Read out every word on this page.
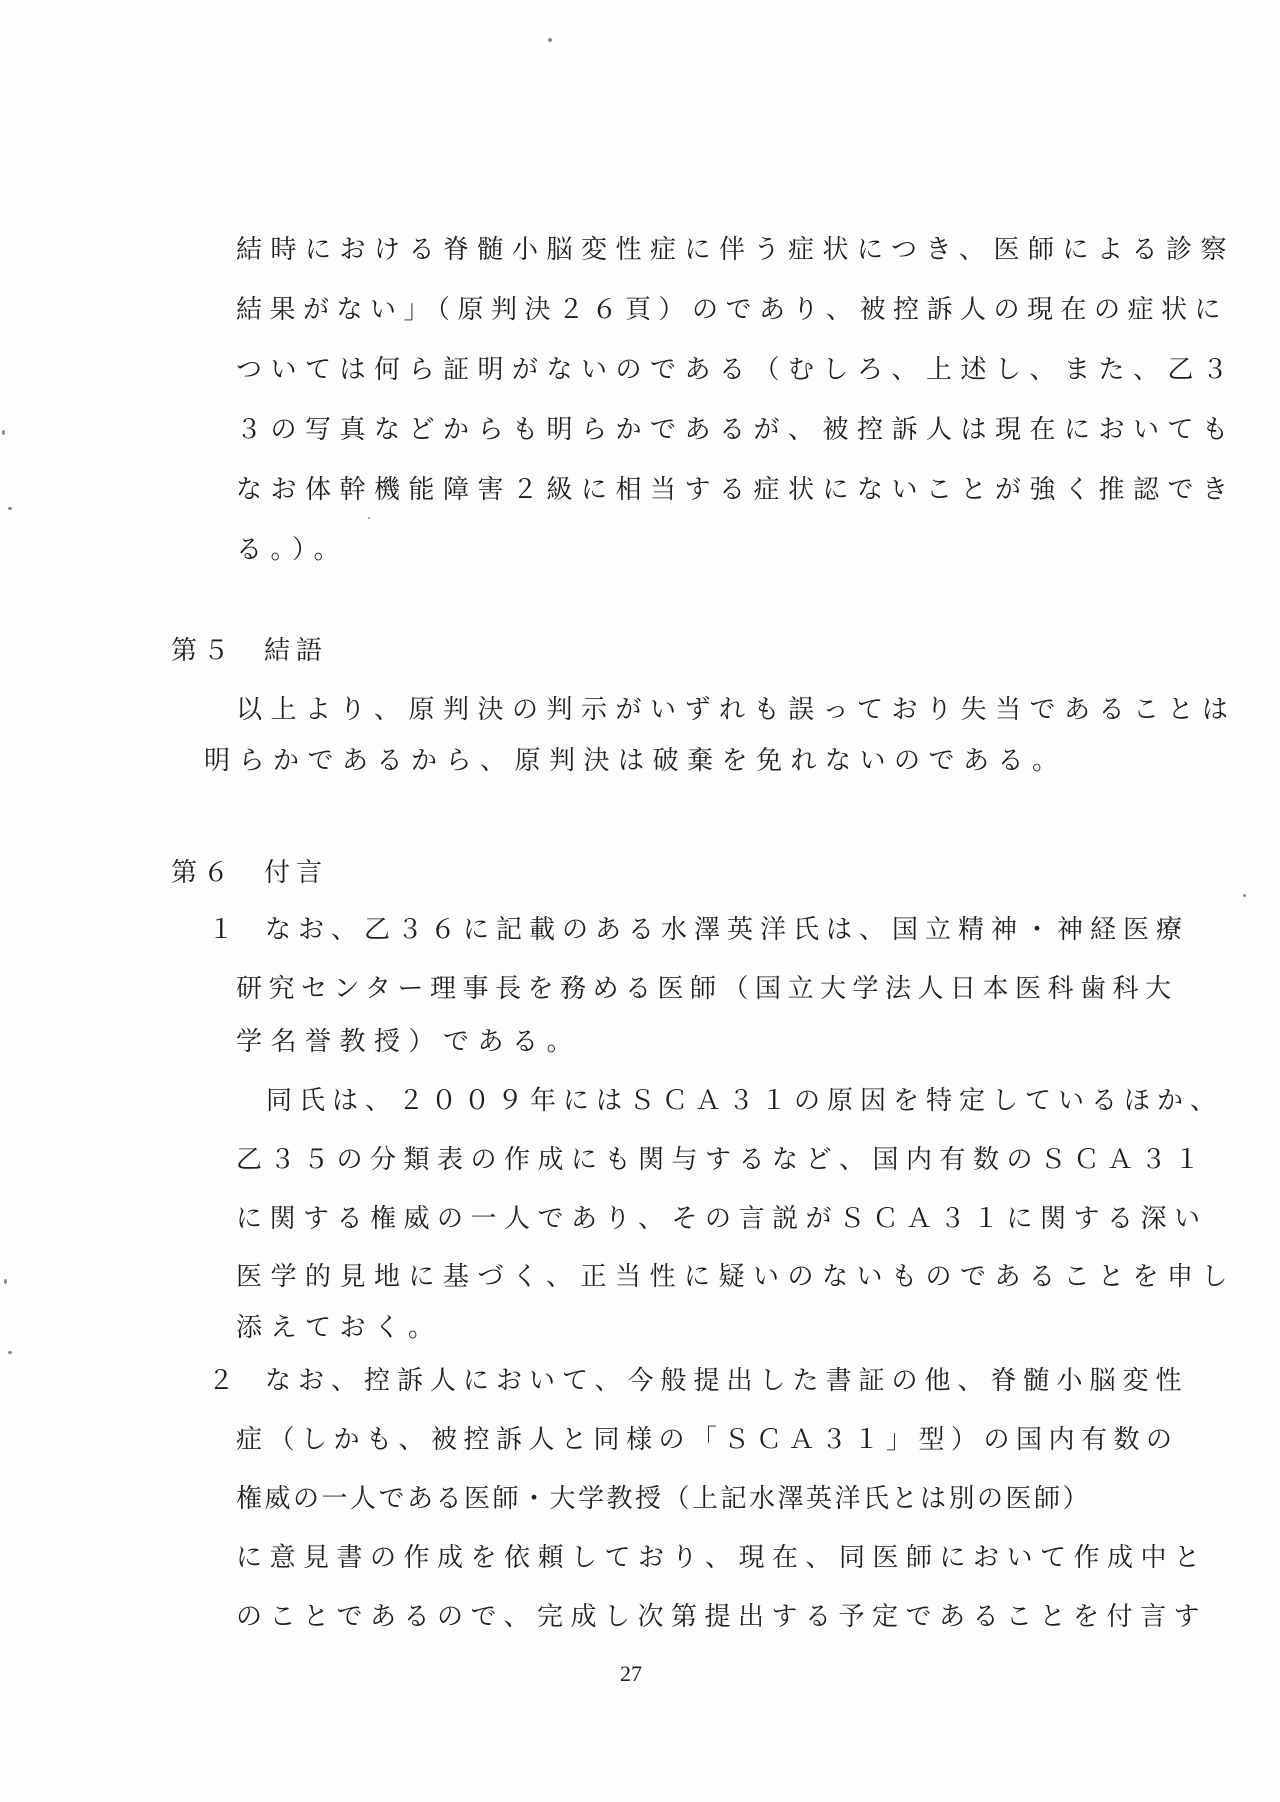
結時における脊髄小脳変性症に伴う症状につき、医師による診察
結果がない」（原判決２６頁）のであり、被控訴人の現在の症状に
ついては何ら証明がないのである（むしろ、上述し、また、乙３
３の写真などからも明らかであるが、被控訴人は現在においても
なお体幹機能障害２級に相当する症状にないことが強く推認でき
る。）。
第５ 結語
以上より、原判決の判示がいずれも誤っており失当であることは
明らかであるから、原判決は破棄を免れないのである。
第６ 付言
１ なお、乙３６に記載のある水澤英洋氏は、国立精神・神経医療
研究センター理事長を務める医師（国立大学法人日本医科歯科大
学名誉教授）である。
同氏は、２００９年にはＳＣＡ３１の原因を特定しているほか、
乙３５の分類表の作成にも関与するなど、国内有数のＳＣＡ３１
に関する権威の一人であり、その言説がＳＣＡ３１に関する深い
医学的見地に基づく、正当性に疑いのないものであることを申し
添えておく。
２ なお、控訴人において、今般提出した書証の他、脊髄小脳変性
症（しかも、被控訴人と同様の「ＳＣＡ３１」型）の国内有数の
権威の一人である医師・大学教授（上記水澤英洋氏とは別の医師）
に意見書の作成を依頼しており、現在、同医師において作成中と
のことであるので、完成し次第提出する予定であることを付言す
27
